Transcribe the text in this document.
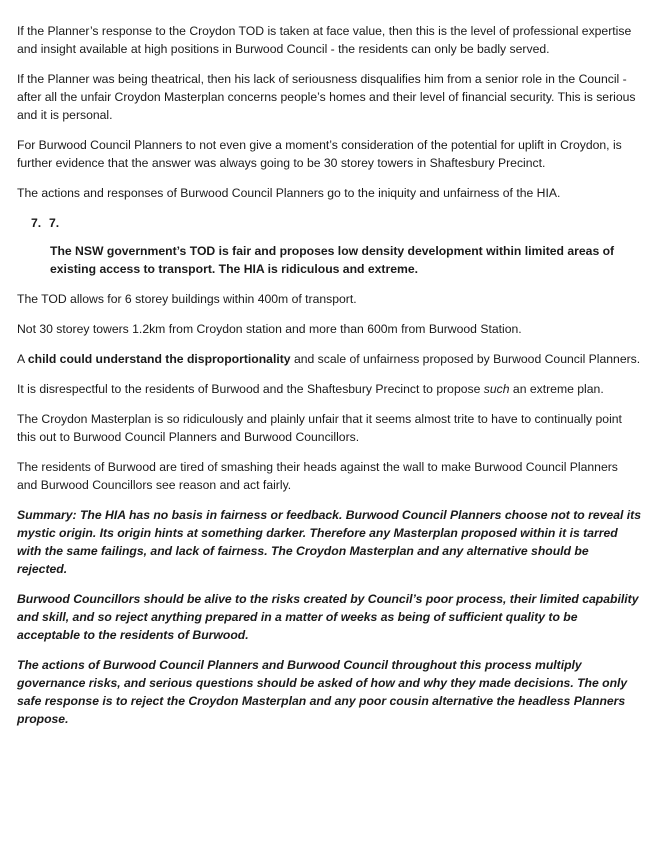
If the Planner’s response to the Croydon TOD is taken at face value, then this is the level of professional expertise and insight available at high positions in Burwood Council - the residents can only be badly served.

If the Planner was being theatrical, then his lack of seriousness disqualifies him from a senior role in the Council - after all the unfair Croydon Masterplan concerns people’s homes and their level of financial security. This is serious and it is personal.

For Burwood Council Planners to not even give a moment’s consideration of the potential for uplift in Croydon, is further evidence that the answer was always going to be 30 storey towers in Shaftesbury Precinct.

The actions and responses of Burwood Council Planners go to the iniquity and unfairness of the HIA.

7. 7.

The NSW government’s TOD is fair and proposes low density development within limited areas of existing access to transport. The HIA is ridiculous and extreme.

The TOD allows for 6 storey buildings within 400m of transport.

Not 30 storey towers 1.2km from Croydon station and more than 600m from Burwood Station.

A child could understand the disproportionality and scale of unfairness proposed by Burwood Council Planners.

It is disrespectful to the residents of Burwood and the Shaftesbury Precinct to propose such an extreme plan.

The Croydon Masterplan is so ridiculously and plainly unfair that it seems almost trite to have to continually point this out to Burwood Council Planners and Burwood Councillors.

The residents of Burwood are tired of smashing their heads against the wall to make Burwood Council Planners and Burwood Councillors see reason and act fairly.

Summary: The HIA has no basis in fairness or feedback. Burwood Council Planners choose not to reveal its mystic origin. Its origin hints at something darker. Therefore any Masterplan proposed within it is tarred with the same failings, and lack of fairness. The Croydon Masterplan and any alternative should be rejected.

Burwood Councillors should be alive to the risks created by Council’s poor process, their limited capability and skill, and so reject anything prepared in a matter of weeks as being of sufficient quality to be acceptable to the residents of Burwood.

The actions of Burwood Council Planners and Burwood Council throughout this process multiply governance risks, and serious questions should be asked of how and why they made decisions. The only safe response is to reject the Croydon Masterplan and any poor cousin alternative the headless Planners propose.
